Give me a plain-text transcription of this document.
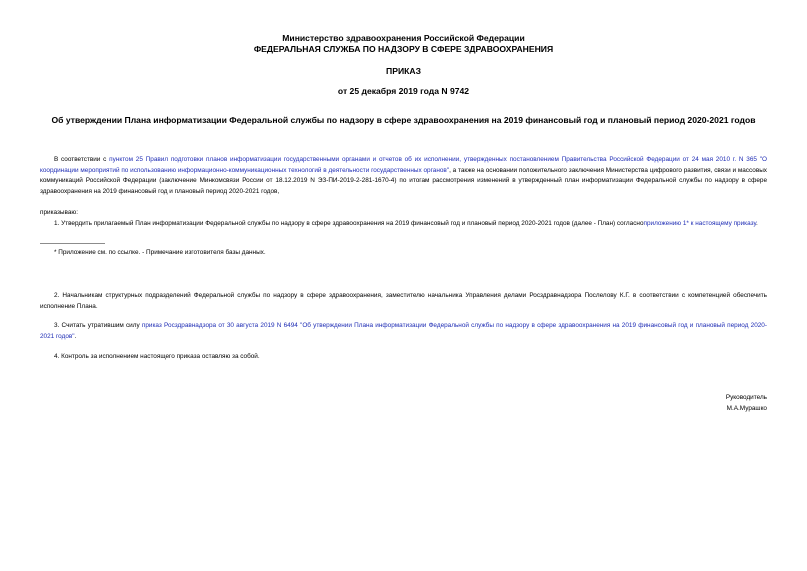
Министерство здравоохранения Российской Федерации
ФЕДЕРАЛЬНАЯ СЛУЖБА ПО НАДЗОРУ В СФЕРЕ ЗДРАВООХРАНЕНИЯ
ПРИКАЗ
от 25 декабря 2019 года N 9742
Об утверждении Плана информатизации Федеральной службы по надзору в сфере здравоохранения на 2019 финансовый год и плановый период 2020-2021 годов
В соответствии с пунктом 25 Правил подготовки планов информатизации государственными органами и отчетов об их исполнении, утвержденных постановлением Правительства Российской Федерации от 24 мая 2010 г. N 365 "О координации мероприятий по использованию информационно-коммуникационных технологий в деятельности государственных органов", а также на основании положительного заключения Министерства цифрового развития, связи и массовых коммуникаций Российской Федерации (заключение Минкомсвязи России от 18.12.2019 N ЭЗ-ПИ-2019-2-281-1670-4) по итогам рассмотрения изменений в утвержденный план информатизации Федеральной службы по надзору в сфере здравоохранения на 2019 финансовый год и плановый период 2020-2021 годов,
приказываю:
1. Утвердить прилагаемый План информатизации Федеральной службы по надзору в сфере здравоохранения на 2019 финансовый год и плановый период 2020-2021 годов (далее - План) согласноприложению 1* к настоящему приказу.
* Приложение см. по ссылке. - Примечание изготовителя базы данных.
2. Начальникам структурных подразделений Федеральной службы по надзору в сфере здравоохранения, заместителю начальника Управления делами Росздравнадзора Послелову К.Г. в соответствии с компетенцией обеспечить исполнение Плана.
3. Считать утратившим силу приказ Росздравнадзора от 30 августа 2019 N 6494 "Об утверждении Плана информатизации Федеральной службы по надзору в сфере здравоохранения на 2019 финансовый год и плановый период 2020-2021 годов".
4. Контроль за исполнением настоящего приказа оставляю за собой.
Руководитель
М.А.Мурашко
